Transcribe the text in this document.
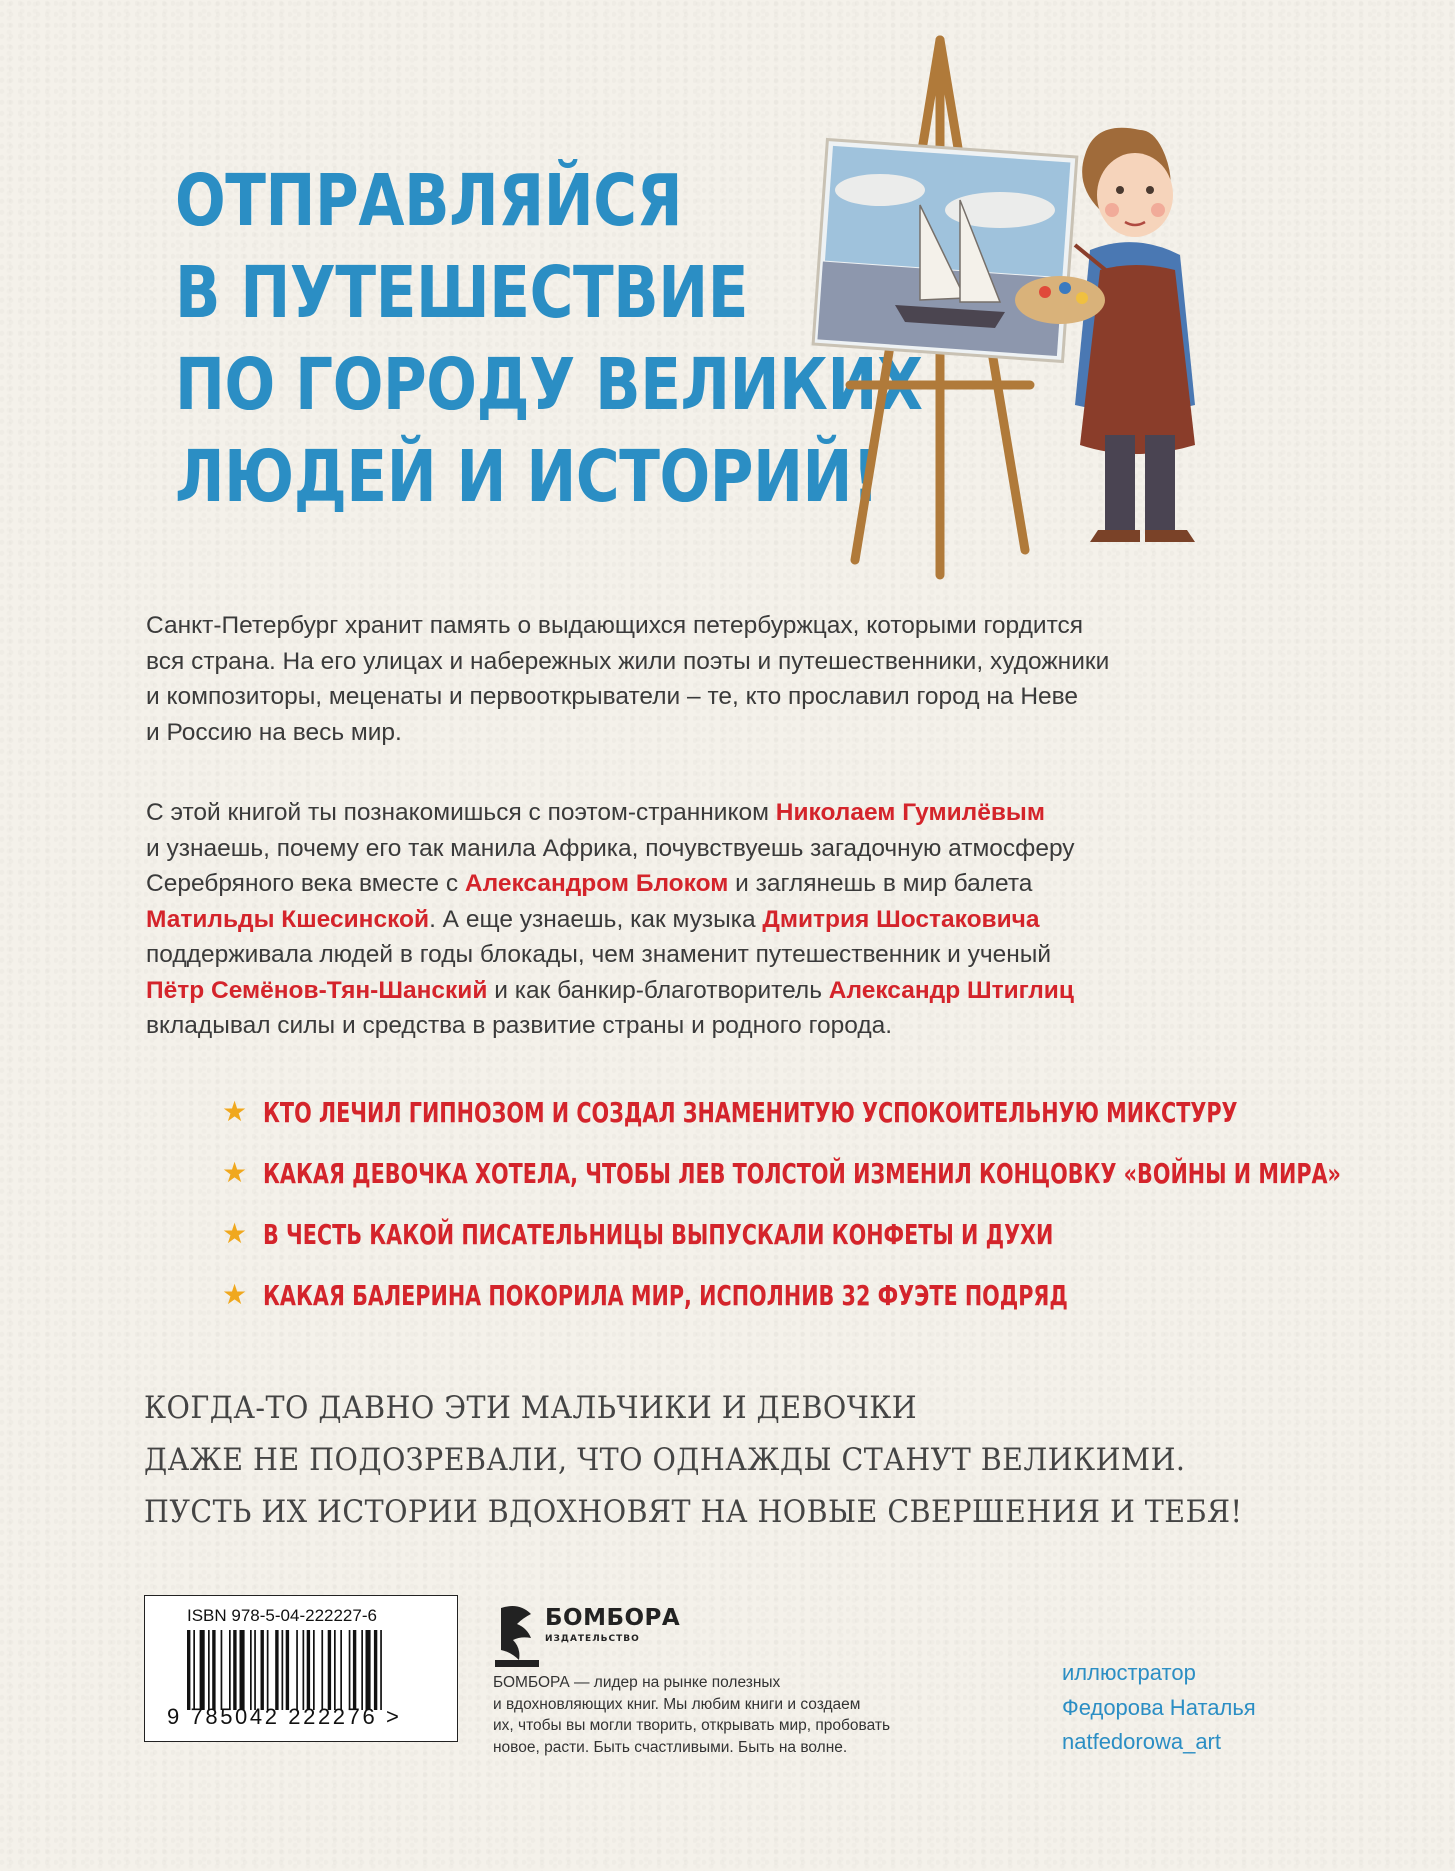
ОТПРАВЛЯЙСЯ
В ПУТЕШЕСТВИЕ
ПО ГОРОДУ ВЕЛИКИХ
ЛЮДЕЙ И ИСТОРИЙ!

Санкт-Петербург хранит память о выдающихся петербуржцах, которыми гордится
вся страна. На его улицах и набережных жили поэты и путешественники, художники
и композиторы, меценаты и первооткрыватели – те, кто прославил город на Неве
и Россию на весь мир.

С этой книгой ты познакомишься с поэтом-странником Николаем Гумилёвым
и узнаешь, почему его так манила Африка, почувствуешь загадочную атмосферу
Серебряного века вместе с Александром Блоком и заглянешь в мир балета
Матильды Кшесинской. А еще узнаешь, как музыка Дмитрия Шостаковича
поддерживала людей в годы блокады, чем знаменит путешественник и ученый
Пётр Семёнов-Тян-Шанский и как банкир-благотворитель Александр Штиглиц
вкладывал силы и средства в развитие страны и родного города.

★ КТО ЛЕЧИЛ ГИПНОЗОМ И СОЗДАЛ ЗНАМЕНИТУЮ УСПОКОИТЕЛЬНУЮ МИКСТУРУ
★ КАКАЯ ДЕВОЧКА ХОТЕЛА, ЧТОБЫ ЛЕВ ТОЛСТОЙ ИЗМЕНИЛ КОНЦОВКУ «ВОЙНЫ И МИРА»
★ В ЧЕСТЬ КАКОЙ ПИСАТЕЛЬНИЦЫ ВЫПУСКАЛИ КОНФЕТЫ И ДУХИ
★ КАКАЯ БАЛЕРИНА ПОКОРИЛА МИР, ИСПОЛНИВ 32 ФУЭТЕ ПОДРЯД

КОГДА-ТО ДАВНО ЭТИ МАЛЬЧИКИ И ДЕВОЧКИ
ДАЖЕ НЕ ПОДОЗРЕВАЛИ, ЧТО ОДНАЖДЫ СТАНУТ ВЕЛИКИМИ.
ПУСТЬ ИХ ИСТОРИИ ВДОХНОВЯТ НА НОВЫЕ СВЕРШЕНИЯ И ТЕБЯ!

ISBN 978-5-04-222227-6
9 785042 222276 >
БОМБОРА
ИЗДАТЕЛЬСТВО

БОМБОРА — лидер на рынке полезных
и вдохновляющих книг. Мы любим книги и создаем
их, чтобы вы могли творить, открывать мир, пробовать
новое, расти. Быть счастливыми. Быть на волне.

иллюстратор
Федорова Наталья
natfedorowa_art
